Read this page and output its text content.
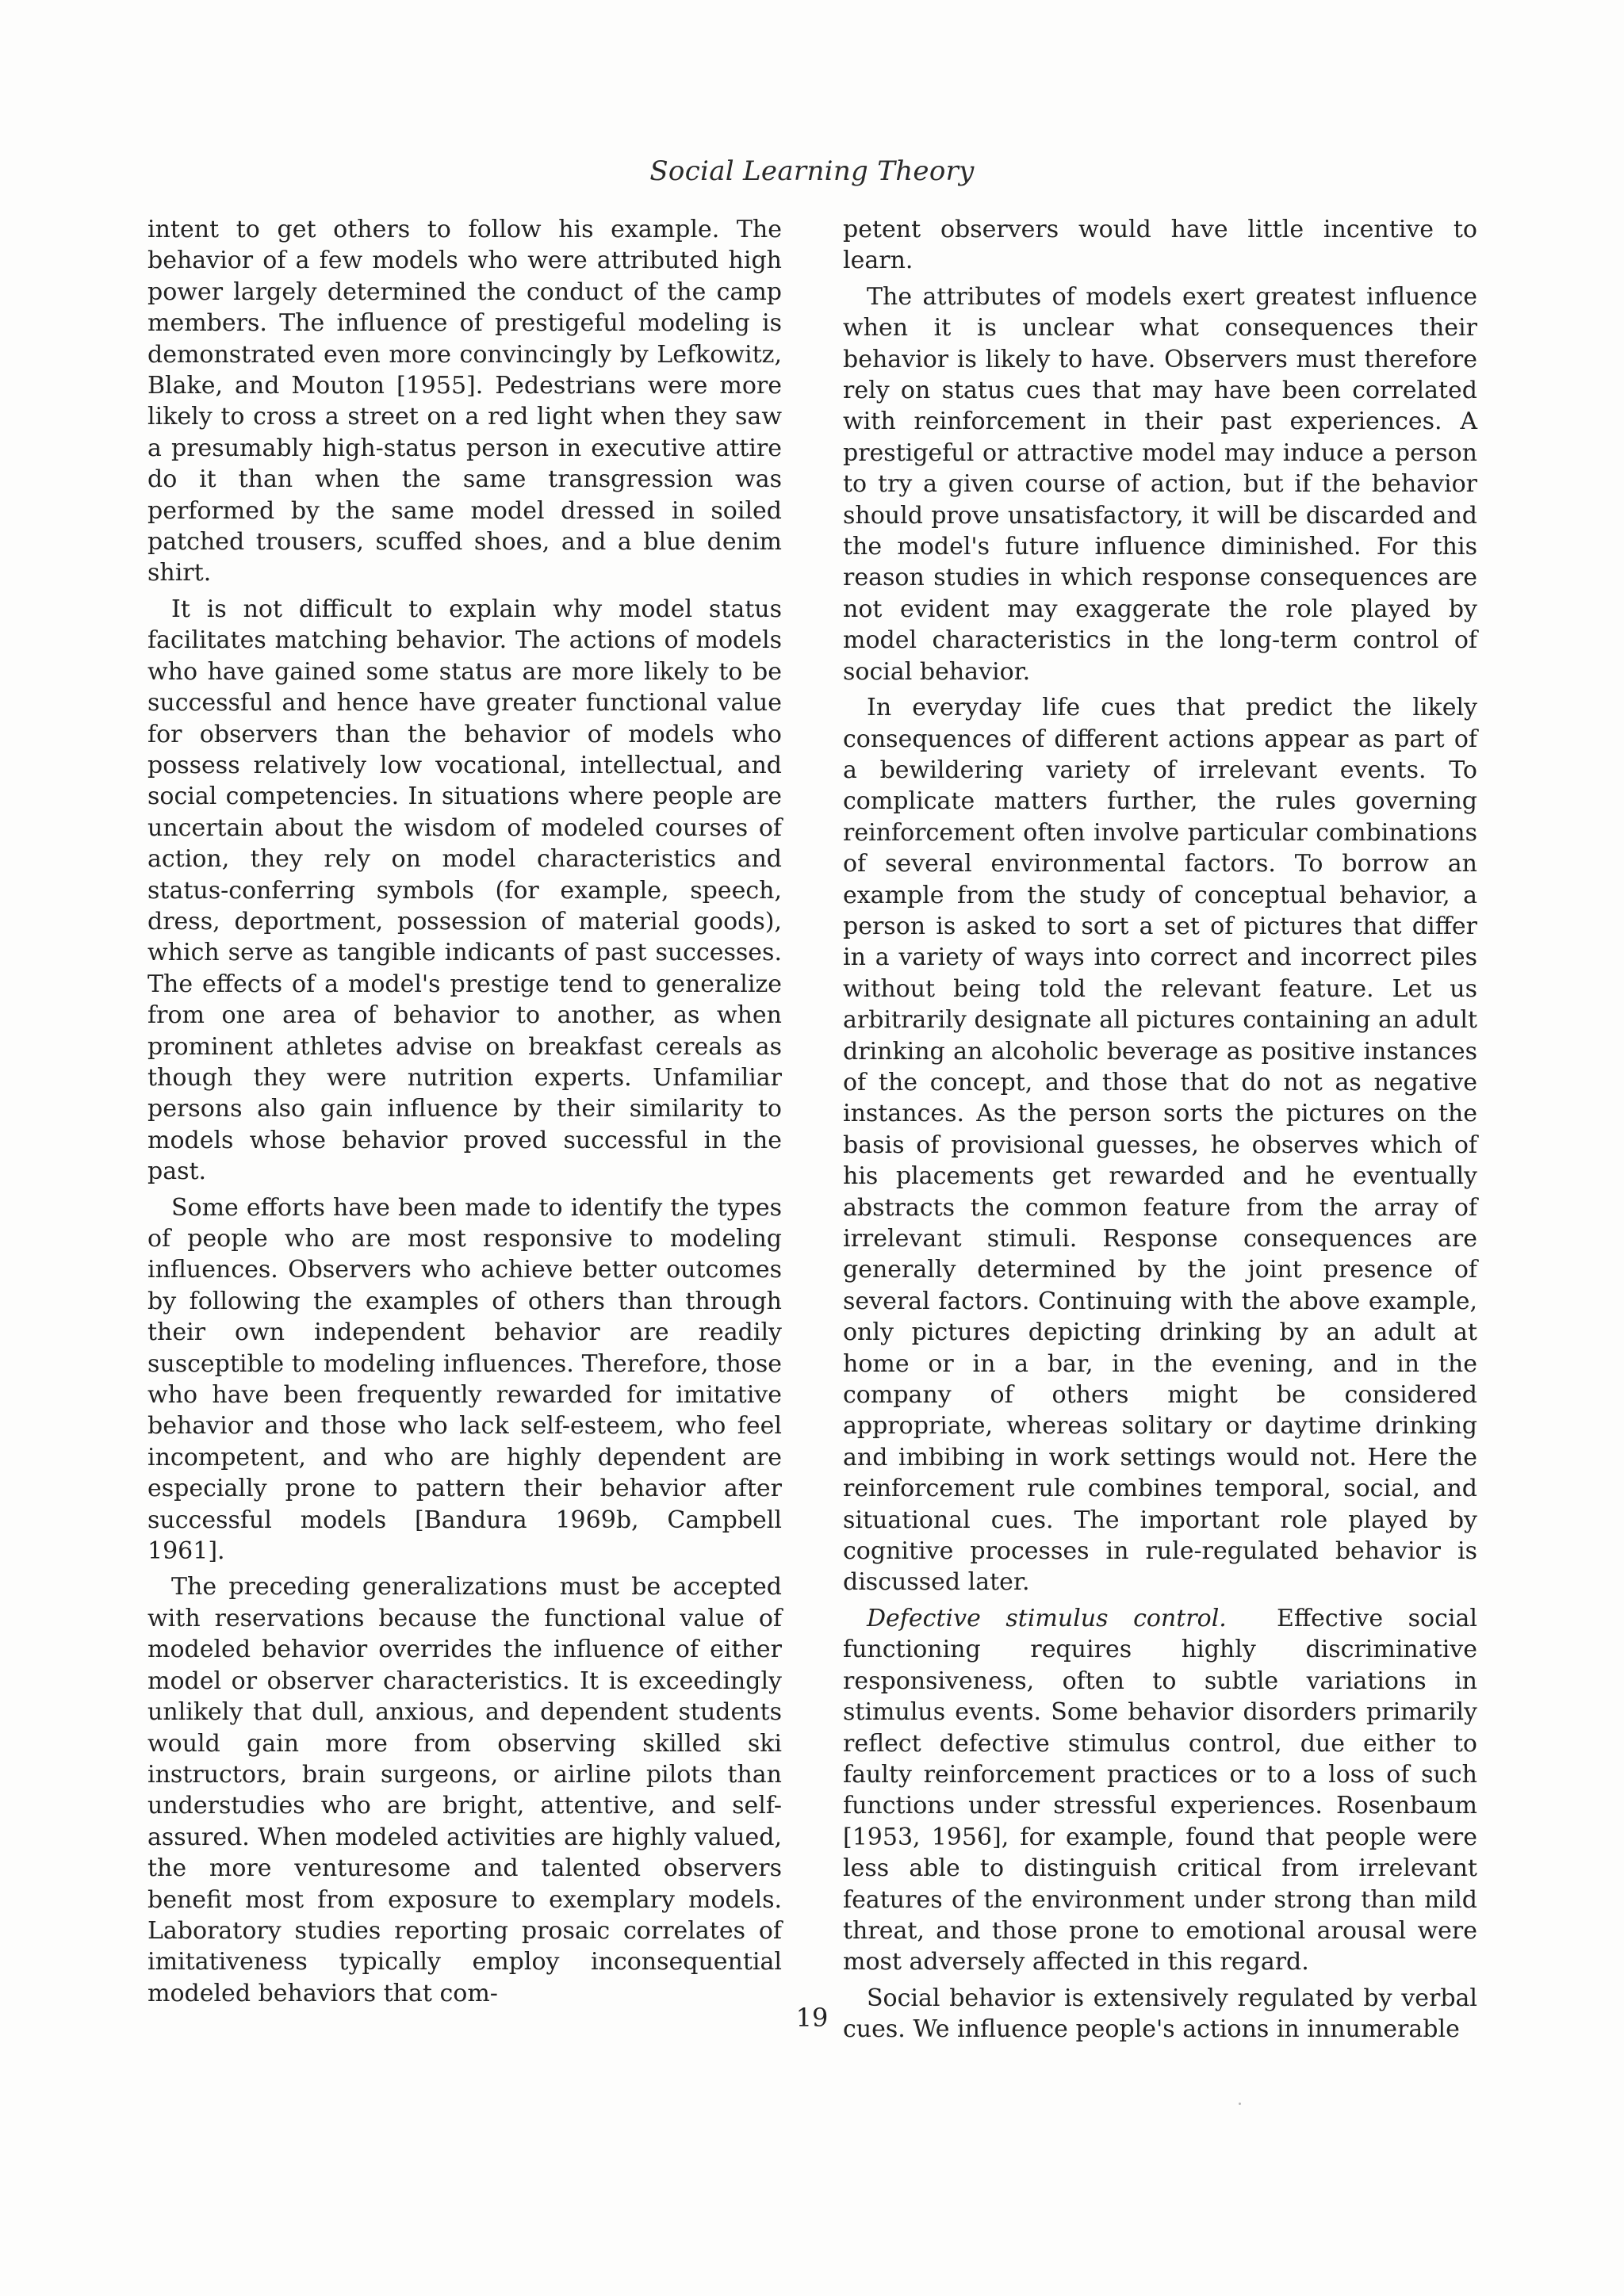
Social Learning Theory

intent to get others to follow his example. The behavior of a few models who were attributed high power largely determined the conduct of the camp members. The influence of prestigeful modeling is demonstrated even more convincingly by Lefkowitz, Blake, and Mouton [1955]. Pedestrians were more likely to cross a street on a red light when they saw a presumably high-status person in executive attire do it than when the same transgression was performed by the same model dressed in soiled patched trousers, scuffed shoes, and a blue denim shirt.

It is not difficult to explain why model status facilitates matching behavior. The actions of models who have gained some status are more likely to be successful and hence have greater functional value for observers than the behavior of models who possess relatively low vocational, intellectual, and social competencies. In situations where people are uncertain about the wisdom of modeled courses of action, they rely on model characteristics and status-conferring symbols (for example, speech, dress, deportment, possession of material goods), which serve as tangible indicants of past successes. The effects of a model's prestige tend to generalize from one area of behavior to another, as when prominent athletes advise on breakfast cereals as though they were nutrition experts. Unfamiliar persons also gain influence by their similarity to models whose behavior proved successful in the past.

Some efforts have been made to identify the types of people who are most responsive to modeling influences. Observers who achieve better outcomes by following the examples of others than through their own independent behavior are readily susceptible to modeling influences. Therefore, those who have been frequently rewarded for imitative behavior and those who lack self-esteem, who feel incompetent, and who are highly dependent are especially prone to pattern their behavior after successful models [Bandura 1969b, Campbell 1961].

The preceding generalizations must be accepted with reservations because the functional value of modeled behavior overrides the influence of either model or observer characteristics. It is exceedingly unlikely that dull, anxious, and dependent students would gain more from observing skilled ski instructors, brain surgeons, or airline pilots than understudies who are bright, attentive, and self-assured. When modeled activities are highly valued, the more venturesome and talented observers benefit most from exposure to exemplary models. Laboratory studies reporting prosaic correlates of imitativeness typically employ inconsequential modeled behaviors that com-

petent observers would have little incentive to learn.

The attributes of models exert greatest influence when it is unclear what consequences their behavior is likely to have. Observers must therefore rely on status cues that may have been correlated with reinforcement in their past experiences. A prestigeful or attractive model may induce a person to try a given course of action, but if the behavior should prove unsatisfactory, it will be discarded and the model's future influence diminished. For this reason studies in which response consequences are not evident may exaggerate the role played by model characteristics in the long-term control of social behavior.

In everyday life cues that predict the likely consequences of different actions appear as part of a bewildering variety of irrelevant events. To complicate matters further, the rules governing reinforcement often involve particular combinations of several environmental factors. To borrow an example from the study of conceptual behavior, a person is asked to sort a set of pictures that differ in a variety of ways into correct and incorrect piles without being told the relevant feature. Let us arbitrarily designate all pictures containing an adult drinking an alcoholic beverage as positive instances of the concept, and those that do not as negative instances. As the person sorts the pictures on the basis of provisional guesses, he observes which of his placements get rewarded and he eventually abstracts the common feature from the array of irrelevant stimuli. Response consequences are generally determined by the joint presence of several factors. Continuing with the above example, only pictures depicting drinking by an adult at home or in a bar, in the evening, and in the company of others might be considered appropriate, whereas solitary or daytime drinking and imbibing in work settings would not. Here the reinforcement rule combines temporal, social, and situational cues. The important role played by cognitive processes in rule-regulated behavior is discussed later.

Defective stimulus control. Effective social functioning requires highly discriminative responsiveness, often to subtle variations in stimulus events. Some behavior disorders primarily reflect defective stimulus control, due either to faulty reinforcement practices or to a loss of such functions under stressful experiences. Rosenbaum [1953, 1956], for example, found that people were less able to distinguish critical from irrelevant features of the environment under strong than mild threat, and those prone to emotional arousal were most adversely affected in this regard.

Social behavior is extensively regulated by verbal cues. We influence people's actions in innumerable

19
